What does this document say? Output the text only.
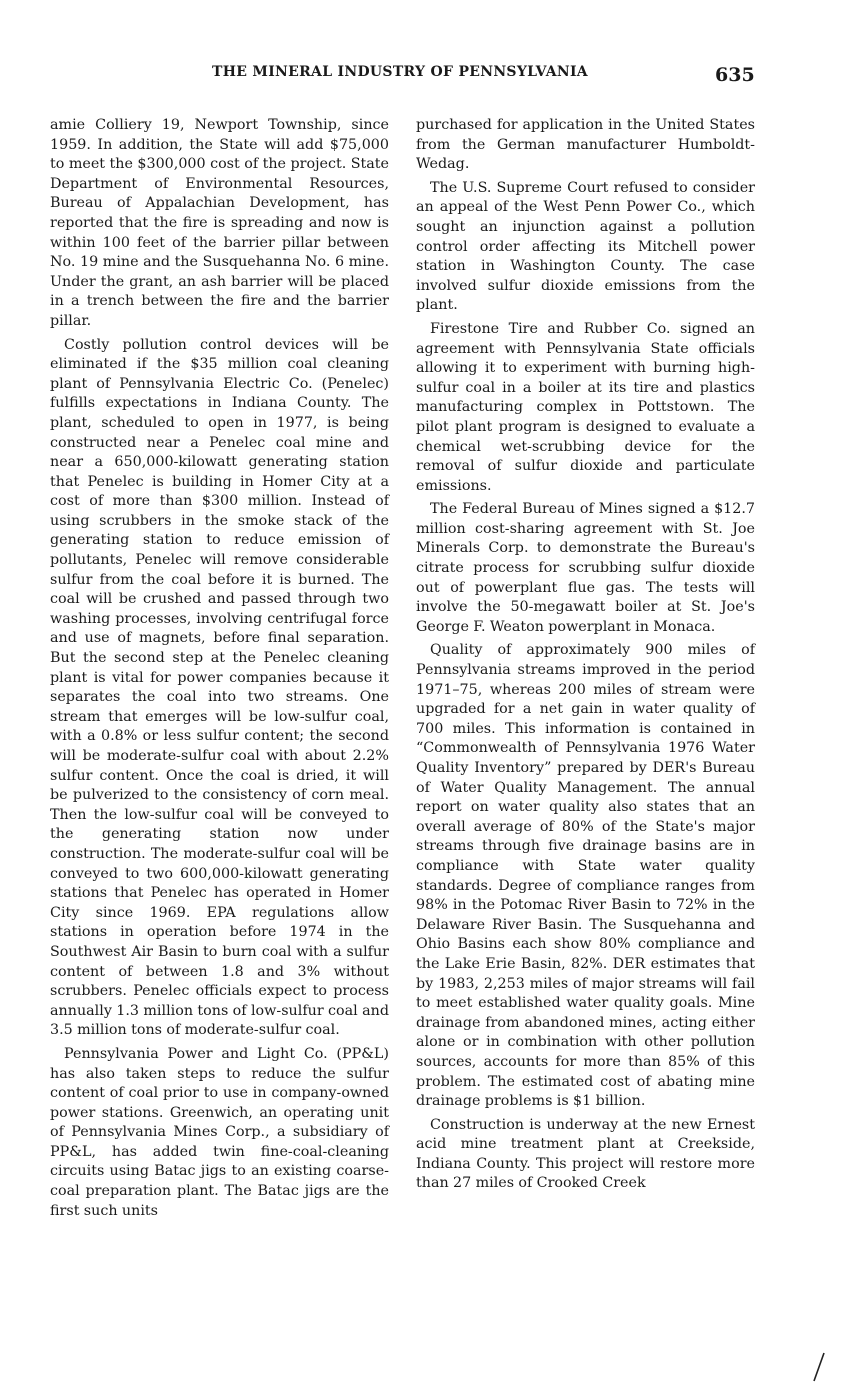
THE MINERAL INDUSTRY OF PENNSYLVANIA	635

amie Colliery 19, Newport Township, since 1959. In addition, the State will add $75,000 to meet the $300,000 cost of the project. State Department of Environmental Resources, Bureau of Appalachian Development, has reported that the fire is spreading and now is within 100 feet of the barrier pillar between No. 19 mine and the Susquehanna No. 6 mine. Under the grant, an ash barrier will be placed in a trench between the fire and the barrier pillar.

Costly pollution control devices will be eliminated if the $35 million coal cleaning plant of Pennsylvania Electric Co. (Penelec) fulfills expectations in Indiana County. The plant, scheduled to open in 1977, is being constructed near a Penelec coal mine and near a 650,000-kilowatt generating station that Penelec is building in Homer City at a cost of more than $300 million. Instead of using scrubbers in the smoke stack of the generating station to reduce emission of pollutants, Penelec will remove considerable sulfur from the coal before it is burned. The coal will be crushed and passed through two washing processes, involving centrifugal force and use of magnets, before final separation. But the second step at the Penelec cleaning plant is vital for power companies because it separates the coal into two streams. One stream that emerges will be low-sulfur coal, with a 0.8% or less sulfur content; the second will be moderate-sulfur coal with about 2.2% sulfur content. Once the coal is dried, it will be pulverized to the consistency of corn meal. Then the low-sulfur coal will be conveyed to the generating station now under construction. The moderate-sulfur coal will be conveyed to two 600,000-kilowatt generating stations that Penelec has operated in Homer City since 1969. EPA regulations allow stations in operation before 1974 in the Southwest Air Basin to burn coal with a sulfur content of between 1.8 and 3% without scrubbers. Penelec officials expect to process annually 1.3 million tons of low-sulfur coal and 3.5 million tons of moderate-sulfur coal.

Pennsylvania Power and Light Co. (PP&L) has also taken steps to reduce the sulfur content of coal prior to use in company-owned power stations. Greenwich, an operating unit of Pennsylvania Mines Corp., a subsidiary of PP&L, has added twin fine-coal-cleaning circuits using Batac jigs to an existing coarse-coal preparation plant. The Batac jigs are the first such units

purchased for application in the United States from the German manufacturer Humboldt-Wedag.

The U.S. Supreme Court refused to consider an appeal of the West Penn Power Co., which sought an injunction against a pollution control order affecting its Mitchell power station in Washington County. The case involved sulfur dioxide emissions from the plant.

Firestone Tire and Rubber Co. signed an agreement with Pennsylvania State officials allowing it to experiment with burning high-sulfur coal in a boiler at its tire and plastics manufacturing complex in Pottstown. The pilot plant program is designed to evaluate a chemical wet-scrubbing device for the removal of sulfur dioxide and particulate emissions.

The Federal Bureau of Mines signed a $12.7 million cost-sharing agreement with St. Joe Minerals Corp. to demonstrate the Bureau's citrate process for scrubbing sulfur dioxide out of powerplant flue gas. The tests will involve the 50-megawatt boiler at St. Joe's George F. Weaton powerplant in Monaca.

Quality of approximately 900 miles of Pennsylvania streams improved in the period 1971–75, whereas 200 miles of stream were upgraded for a net gain in water quality of 700 miles. This information is contained in “Commonwealth of Pennsylvania 1976 Water Quality Inventory” prepared by DER's Bureau of Water Quality Management. The annual report on water quality also states that an overall average of 80% of the State's major streams through five drainage basins are in compliance with State water quality standards. Degree of compliance ranges from 98% in the Potomac River Basin to 72% in the Delaware River Basin. The Susquehanna and Ohio Basins each show 80% compliance and the Lake Erie Basin, 82%. DER estimates that by 1983, 2,253 miles of major streams will fail to meet established water quality goals. Mine drainage from abandoned mines, acting either alone or in combination with other pollution sources, accounts for more than 85% of this problem. The estimated cost of abating mine drainage problems is $1 billion.

Construction is underway at the new Ernest acid mine treatment plant at Creekside, Indiana County. This project will restore more than 27 miles of Crooked Creek
